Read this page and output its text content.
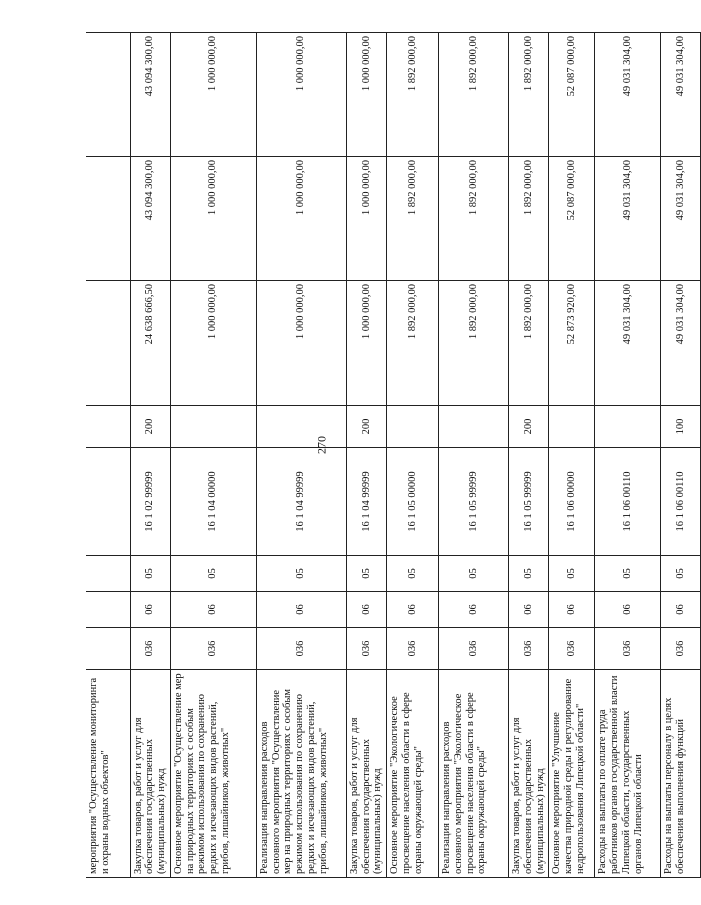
270
мероприятия "Осуществление мониторинга и охраны водных объектов"								
Закупка товаров, работ и услуг для обеспечения государственных (муниципальных) нужд	036	06	05	16 1 02 99999	200	24 638 666,50	43 094 300,00	43 094 300,00
Основное мероприятие "Осуществление мер на природных территориях с особым режимом использования по сохранению редких и исчезающих видов растений, грибов, лишайников, животных"	036	06	05	16 1 04 00000		1 000 000,00	1 000 000,00	1 000 000,00
Реализация направления расходов основного мероприятия "Осуществление мер на природных территориях с особым режимом использования по сохранению редких и исчезающих видов растений, грибов, лишайников, животных"	036	06	05	16 1 04 99999		1 000 000,00	1 000 000,00	1 000 000,00
Закупка товаров, работ и услуг для обеспечения государственных (муниципальных) нужд	036	06	05	16 1 04 99999	200	1 000 000,00	1 000 000,00	1 000 000,00
Основное мероприятие "Экологическое просвещение населения области в сфере охраны окружающей среды"	036	06	05	16 1 05 00000		1 892 000,00	1 892 000,00	1 892 000,00
Реализация направления расходов основного мероприятия "Экологическое просвещение населения области в сфере охраны окружающей среды"	036	06	05	16 1 05 99999		1 892 000,00	1 892 000,00	1 892 000,00
Закупка товаров, работ и услуг для обеспечения государственных (муниципальных) нужд	036	06	05	16 1 05 99999	200	1 892 000,00	1 892 000,00	1 892 000,00
Основное мероприятие "Улучшение качества природной среды и регулирование недропользования Липецкой области"	036	06	05	16 1 06 00000		52 873 920,00	52 087 000,00	52 087 000,00
Расходы на выплаты по оплате труда работников органов государственной власти Липецкой области, государственных органов Липецкой области	036	06	05	16 1 06 00110		49 031 304,00	49 031 304,00	49 031 304,00
Расходы на выплаты персоналу в целях обеспечения выполнения функций	036	06	05	16 1 06 00110	100	49 031 304,00	49 031 304,00	49 031 304,00
